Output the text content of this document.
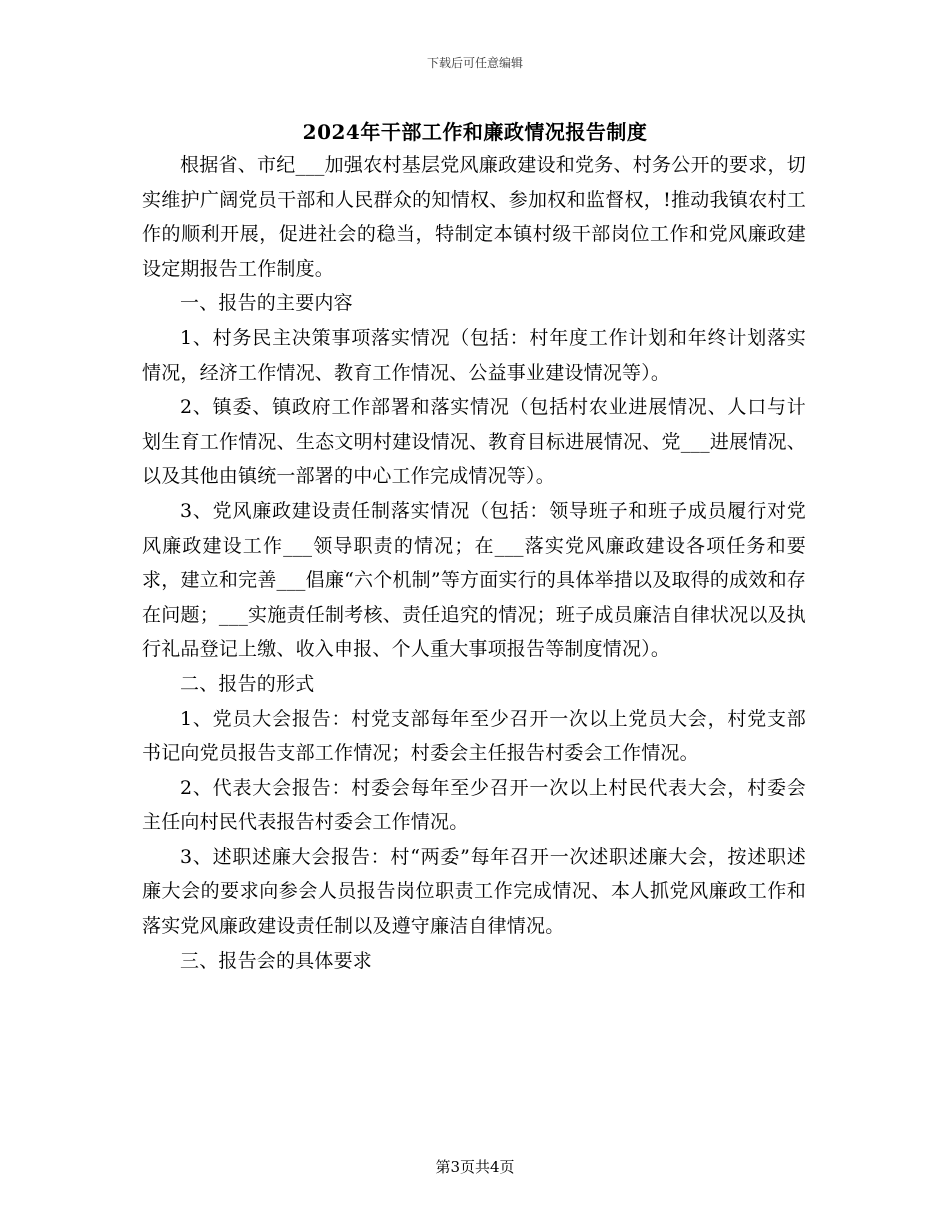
下载后可任意编辑
2024年干部工作和廉政情况报告制度

根据省、市纪___加强农村基层党风廉政建设和党务、村务公开的要求，切实维护广阔党员干部和人民群众的知情权、参加权和监督权，!推动我镇农村工作的顺利开展，促进社会的稳当，特制定本镇村级干部岗位工作和党风廉政建设定期报告工作制度。

一、报告的主要内容

1、村务民主决策事项落实情况（包括：村年度工作计划和年终计划落实情况，经济工作情况、教育工作情况、公益事业建设情况等）。

2、镇委、镇政府工作部署和落实情况（包括村农业进展情况、人口与计划生育工作情况、生态文明村建设情况、教育目标进展情况、党___进展情况、以及其他由镇统一部署的中心工作完成情况等）。

3、党风廉政建设责任制落实情况（包括：领导班子和班子成员履行对党风廉政建设工作___领导职责的情况；在___落实党风廉政建设各项任务和要求，建立和完善___倡廉“六个机制”等方面实行的具体举措以及取得的成效和存在问题；___实施责任制考核、责任追究的情况；班子成员廉洁自律状况以及执行礼品登记上缴、收入申报、个人重大事项报告等制度情况）。

二、报告的形式

1、党员大会报告：村党支部每年至少召开一次以上党员大会，村党支部书记向党员报告支部工作情况；村委会主任报告村委会工作情况。

2、代表大会报告：村委会每年至少召开一次以上村民代表大会，村委会主任向村民代表报告村委会工作情况。

3、述职述廉大会报告：村“两委”每年召开一次述职述廉大会，按述职述廉大会的要求向参会人员报告岗位职责工作完成情况、本人抓党风廉政工作和落实党风廉政建设责任制以及遵守廉洁自律情况。

三、报告会的具体要求

第3页共4页
